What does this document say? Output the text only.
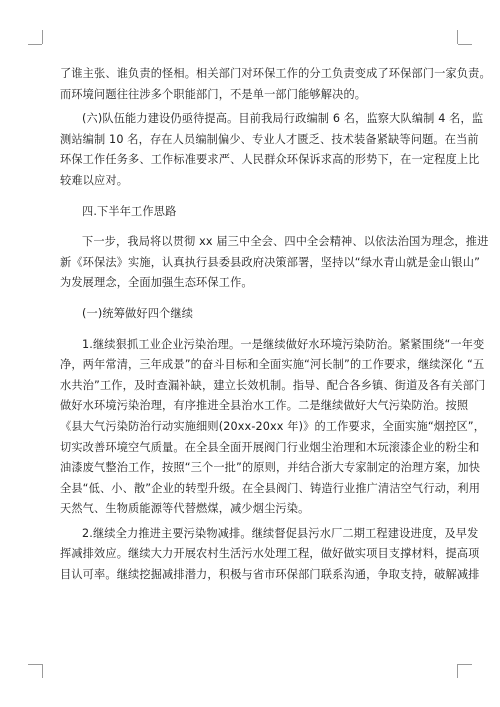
了谁主张、谁负责的怪相。相关部门对环保工作的分工负责变成了环保部门一家负责。
而环境问题往往涉多个职能部门，不是单一部门能够解决的。
(六)队伍能力建设仍亟待提高。目前我局行政编制 6 名，监察大队编制 4 名，监
测站编制 10 名，存在人员编制偏少、专业人才匮乏、技术装备紧缺等问题。在当前
环保工作任务多、工作标准要求严、人民群众环保诉求高的形势下，在一定程度上比
较难以应对。
四.下半年工作思路
下一步，我局将以贯彻 xx 届三中全会、四中全会精神、以依法治国为理念，推进
新《环保法》实施，认真执行县委县政府决策部署，坚持以“绿水青山就是金山银山”
为发展理念，全面加强生态环保工作。
(一)统筹做好四个继续
1.继续狠抓工业企业污染治理。一是继续做好水环境污染防治。紧紧围绕“一年变
净，两年常清，三年成景”的奋斗目标和全面实施“河长制”的工作要求，继续深化 “五
水共治”工作，及时查漏补缺，建立长效机制。指导、配合各乡镇、街道及各有关部门
做好水环境污染治理，有序推进全县治水工作。二是继续做好大气污染防治。按照
《县大气污染防治行动实施细则(20xx-20xx 年)》的工作要求，全面实施“烟控区”，
切实改善环境空气质量。在全县全面开展阀门行业烟尘治理和木玩滚漆企业的粉尘和
油漆废气整治工作，按照“三个一批”的原则，并结合浙大专家制定的治理方案，加快
全县“低、小、散”企业的转型升级。在全县阀门、铸造行业推广清洁空气行动，利用
天然气、生物质能源等代替燃煤，减少烟尘污染。
2.继续全力推进主要污染物减排。继续督促县污水厂二期工程建设进度，及早发
挥减排效应。继续大力开展农村生活污水处理工程，做好做实项目支撑材料，提高项
目认可率。继续挖掘减排潜力，积极与省市环保部门联系沟通，争取支持，破解减排
